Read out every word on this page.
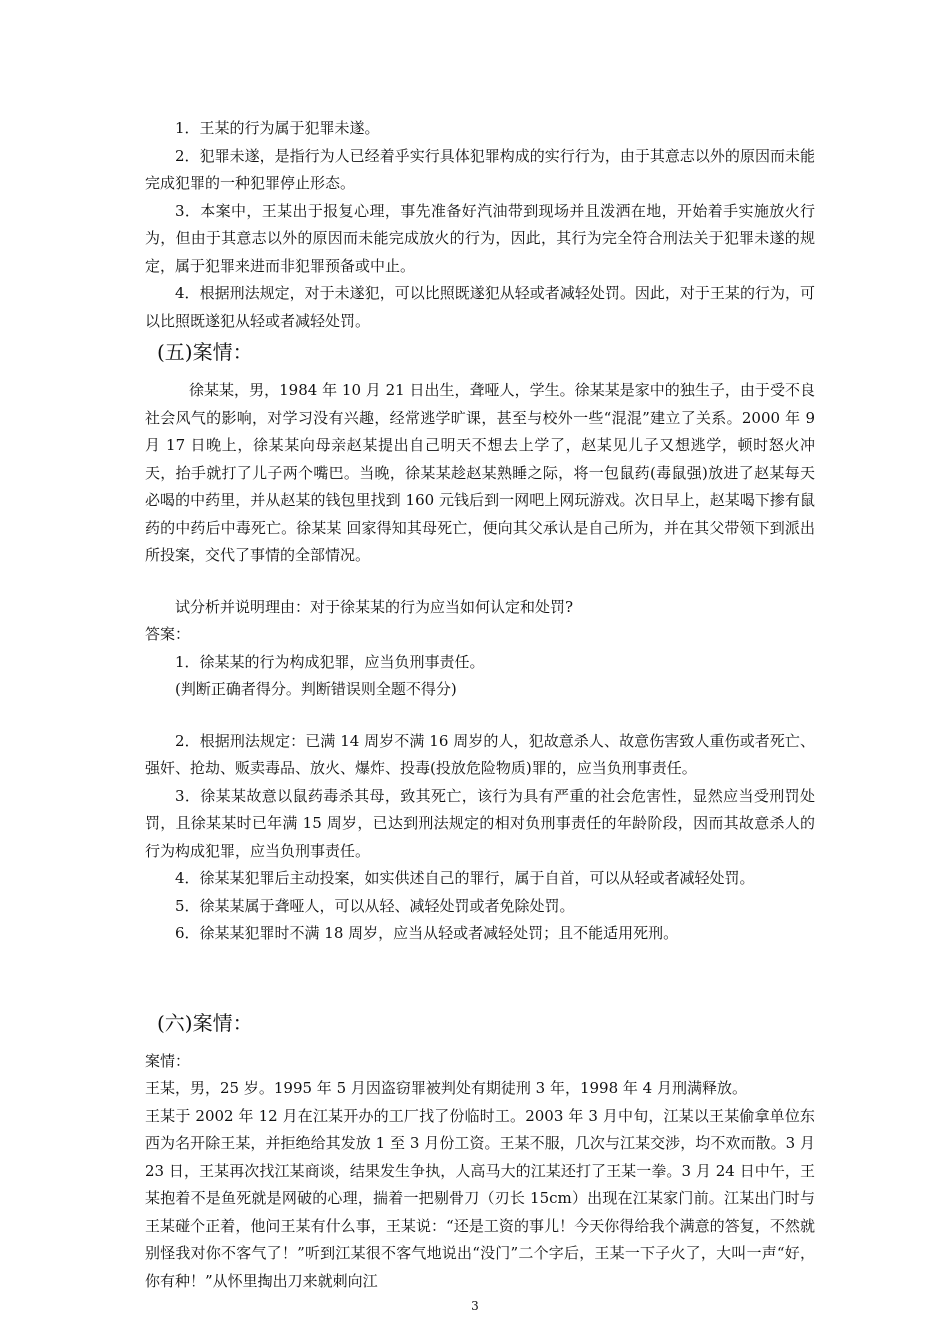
1．王某的行为属于犯罪未遂。

2．犯罪未遂，是指行为人已经着乎实行具体犯罪构成的实行行为，由于其意志以外的原因而未能完成犯罪的一种犯罪停止形态。

3．本案中，王某出于报复心理，事先准备好汽油带到现场并且泼洒在地，开始着手实施放火行为，但由于其意志以外的原因而未能完成放火的行为，因此，其行为完全符合刑法关于犯罪未遂的规定，属于犯罪来进而非犯罪预备或中止。

4．根据刑法规定，对于未遂犯，可以比照既遂犯从轻或者减轻处罚。因此，对于王某的行为，可以比照既遂犯从轻或者减轻处罚。

(五)案情：

徐某某，男，1984 年 10 月 21 日出生，聋哑人，学生。徐某某是家中的独生子，由于受不良社会风气的影响，对学习没有兴趣，经常逃学旷课，甚至与校外一些“混混”建立了关系。2000 年 9 月 17 日晚上，徐某某向母亲赵某提出自己明天不想去上学了，赵某见儿子又想逃学，顿时怒火冲天，抬手就打了儿子两个嘴巴。当晚，徐某某趁赵某熟睡之际，将一包鼠药(毒鼠强)放进了赵某每天必喝的中药里，并从赵某的钱包里找到 160 元钱后到一网吧上网玩游戏。次日早上，赵某喝下掺有鼠药的中药后中毒死亡。徐某某 回家得知其母死亡，便向其父承认是自己所为，并在其父带领下到派出所投案，交代了事情的全部情况。

试分析并说明理由：对于徐某某的行为应当如何认定和处罚?

答案：

1．徐某某的行为构成犯罪，应当负刑事责任。

(判断正确者得分。判断错误则全题不得分)

2．根据刑法规定：已满 14 周岁不满 16 周岁的人，犯故意杀人、故意伤害致人重伤或者死亡、强奸、抢劫、贩卖毒品、放火、爆炸、投毒(投放危险物质)罪的，应当负刑事责任。

3．徐某某故意以鼠药毒杀其母，致其死亡，该行为具有严重的社会危害性，显然应当受刑罚处罚，且徐某某时已年满 15 周岁，已达到刑法规定的相对负刑事责任的年龄阶段，因而其故意杀人的行为构成犯罪，应当负刑事责任。

4．徐某某犯罪后主动投案，如实供述自己的罪行，属于自首，可以从轻或者减轻处罚。

5．徐某某属于聋哑人，可以从轻、减轻处罚或者免除处罚。

6．徐某某犯罪时不满 18 周岁，应当从轻或者减轻处罚；且不能适用死刑。

(六)案情：

案情：

王某，男，25 岁。1995 年 5 月因盗窃罪被判处有期徒刑 3 年，1998 年 4 月刑满释放。

王某于 2002 年 12 月在江某开办的工厂找了份临时工。2003 年 3 月中旬，江某以王某偷拿单位东西为名开除王某，并拒绝给其发放 1 至 3 月份工资。王某不服，几次与江某交涉，均不欢而散。3 月 23 日，王某再次找江某商谈，结果发生争执，人高马大的江某还打了王某一拳。3 月 24 日中午，王某抱着不是鱼死就是网破的心理，揣着一把剔骨刀（刃长 15cm）出现在江某家门前。江某出门时与王某碰个正着，他问王某有什么事，王某说：“还是工资的事儿！今天你得给我个满意的答复，不然就别怪我对你不客气了！”听到江某很不客气地说出“没门”二个字后，王某一下子火了，大叫一声“好，你有种！”从怀里掏出刀来就刺向江

3
